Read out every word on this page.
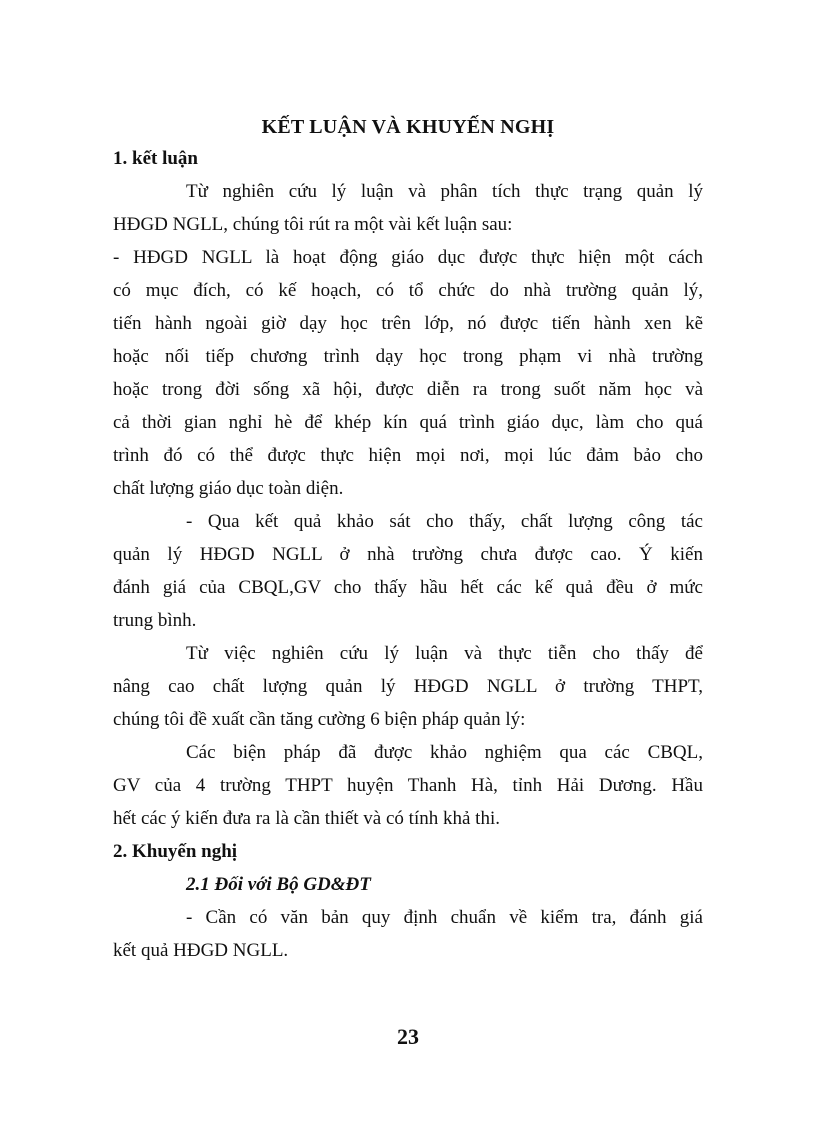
KẾT LUẬN VÀ KHUYẾN NGHỊ
1. kết luận
Từ nghiên cứu lý luận và phân tích thực trạng quản lý
HĐGD NGLL, chúng tôi rút ra một vài kết luận sau:
- HĐGD NGLL là hoạt động giáo dục được thực hiện một cách
có mục đích, có kế hoạch, có tổ chức do nhà trường quản lý,
tiến hành ngoài giờ dạy học trên lớp, nó được tiến hành xen kẽ
hoặc nối tiếp chương trình dạy học trong phạm vi nhà trường
hoặc trong đời sống xã hội, được diễn ra trong suốt năm học và
cả thời gian nghỉ hè để khép kín quá trình giáo dục, làm cho quá
trình đó có thể được thực hiện mọi nơi, mọi lúc đảm bảo cho
chất lượng giáo dục toàn diện.
- Qua kết quả khảo sát cho thấy, chất lượng công tác
quản lý HĐGD NGLL ở nhà trường chưa được cao. Ý kiến
đánh giá của CBQL,GV cho thấy hầu hết các kế quả đều ở mức
trung bình.
Từ việc nghiên cứu lý luận và thực tiễn cho thấy để
nâng cao chất lượng quản lý HĐGD NGLL ở trường THPT,
chúng tôi đề xuất cần tăng cường 6 biện pháp quản lý:
Các biện pháp đã được khảo nghiệm qua các CBQL,
GV của 4 trường THPT huyện Thanh Hà, tỉnh Hải Dương. Hầu
hết các ý kiến đưa ra là cần thiết và có tính khả thi.
2. Khuyến nghị
2.1 Đối với Bộ GD&ĐT
- Cần có văn bản quy định chuẩn về kiểm tra, đánh giá
kết quả HĐGD NGLL.
23
